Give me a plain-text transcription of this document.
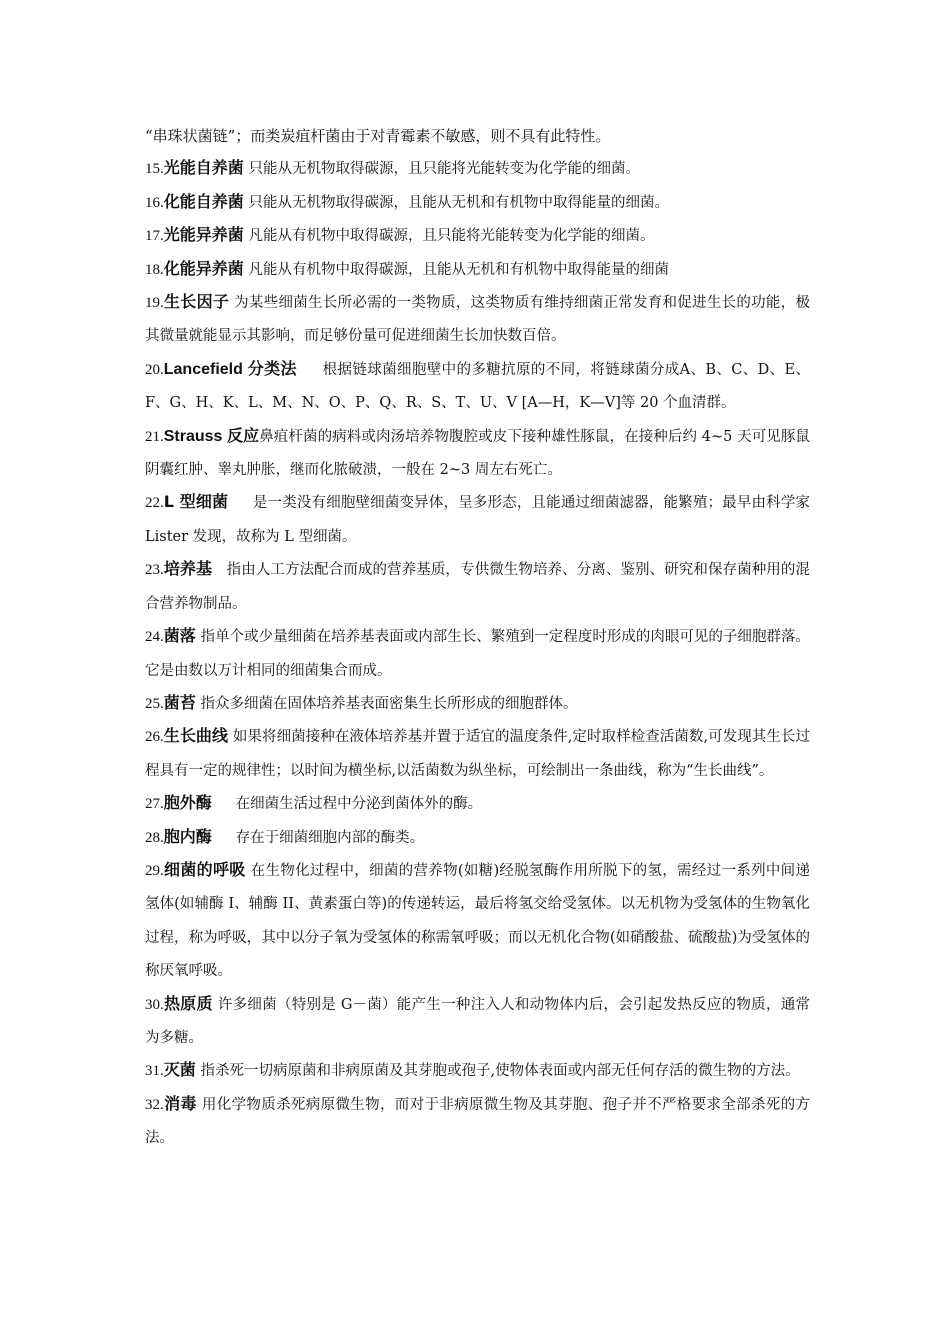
“串珠状菌链”；而类炭疽杆菌由于对青霉素不敏感，则不具有此特性。

15.光能自养菌 只能从无机物取得碳源，且只能将光能转变为化学能的细菌。

16.化能自养菌 只能从无机物取得碳源，且能从无机和有机物中取得能量的细菌。

17.光能异养菌 凡能从有机物中取得碳源，且只能将光能转变为化学能的细菌。

18.化能异养菌 凡能从有机物中取得碳源，且能从无机和有机物中取得能量的细菌

19.生长因子 为某些细菌生长所必需的一类物质，这类物质有维持细菌正常发育和促进生长的功能，极其微量就能显示其影响，而足够份量可促进细菌生长加快数百倍。

20.Lancefield 分类法 根据链球菌细胞壁中的多糖抗原的不同，将链球菌分成A、B、C、D、E、F、G、H、K、L、M、N、O、P、Q、R、S、T、U、V [A—H，K—V]等 20 个血清群。

21.Strauss 反应鼻疽杆菌的病料或肉汤培养物腹腔或皮下接种雄性豚鼠，在接种后约 4~5 天可见豚鼠阴囊红肿、睾丸肿胀，继而化脓破溃，一般在 2~3 周左右死亡。

22.L 型细菌 是一类没有细胞壁细菌变异体，呈多形态，且能通过细菌滤器，能繁殖；最早由科学家 Lister 发现，故称为 L 型细菌。

23.培养基 指由人工方法配合而成的营养基质，专供微生物培养、分离、鉴别、研究和保存菌种用的混合营养物制品。

24.菌落 指单个或少量细菌在培养基表面或内部生长、繁殖到一定程度时形成的肉眼可见的子细胞群落。它是由数以万计相同的细菌集合而成。

25.菌苔 指众多细菌在固体培养基表面密集生长所形成的细胞群体。

26.生长曲线 如果将细菌接种在液体培养基并置于适宜的温度条件,定时取样检查活菌数,可发现其生长过程具有一定的规律性；以时间为横坐标,以活菌数为纵坐标，可绘制出一条曲线，称为“生长曲线”。

27.胞外酶 在细菌生活过程中分泌到菌体外的酶。

28.胞内酶 存在于细菌细胞内部的酶类。

29.细菌的呼吸 在生物化过程中，细菌的营养物(如糖)经脱氢酶作用所脱下的氢，需经过一系列中间递氢体(如辅酶 I、辅酶 II、黄素蛋白等)的传递转运，最后将氢交给受氢体。以无机物为受氢体的生物氧化过程，称为呼吸，其中以分子氧为受氢体的称需氧呼吸；而以无机化合物(如硝酸盐、硫酸盐)为受氢体的称厌氧呼吸。

30.热原质 许多细菌（特别是 G－菌）能产生一种注入人和动物体内后，会引起发热反应的物质，通常为多糖。

31.灭菌 指杀死一切病原菌和非病原菌及其芽胞或孢子,使物体表面或内部无任何存活的微生物的方法。

32.消毒 用化学物质杀死病原微生物，而对于非病原微生物及其芽胞、孢子并不严格要求全部杀死的方法。
